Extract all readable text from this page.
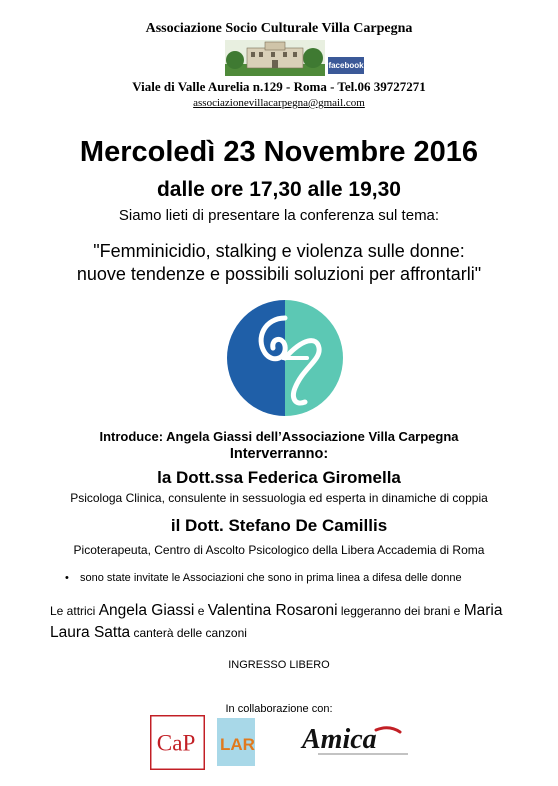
Associazione Socio Culturale Villa Carpegna
facebook
Viale di Valle Aurelia n.129 - Roma - Tel.06 39727271
associazionevillacarpegna@gmail.com
Mercoledì 23 Novembre 2016
dalle ore 17,30 alle 19,30
Siamo lieti di presentare la conferenza sul tema:
"Femminicidio, stalking e violenza sulle donne:
nuove tendenze e possibili soluzioni per affrontarli"
Introduce: Angela Giassi dell’Associazione Villa Carpegna
Interverranno:
la Dott.ssa Federica Giromella
Psicologa Clinica, consulente in sessuologia ed esperta in dinamiche di coppia
il Dott. Stefano De Camillis
Picoterapeuta, Centro di Ascolto Psicologico della Libera Accademia di Roma
• sono state invitate le Associazioni che sono in prima linea a difesa delle donne
Le attrici Angela Giassi e Valentina Rosaroni leggeranno dei brani e Maria
Laura Satta canterà delle canzoni
INGRESSO LIBERO
In collaborazione con:
CaP LAR Amica
